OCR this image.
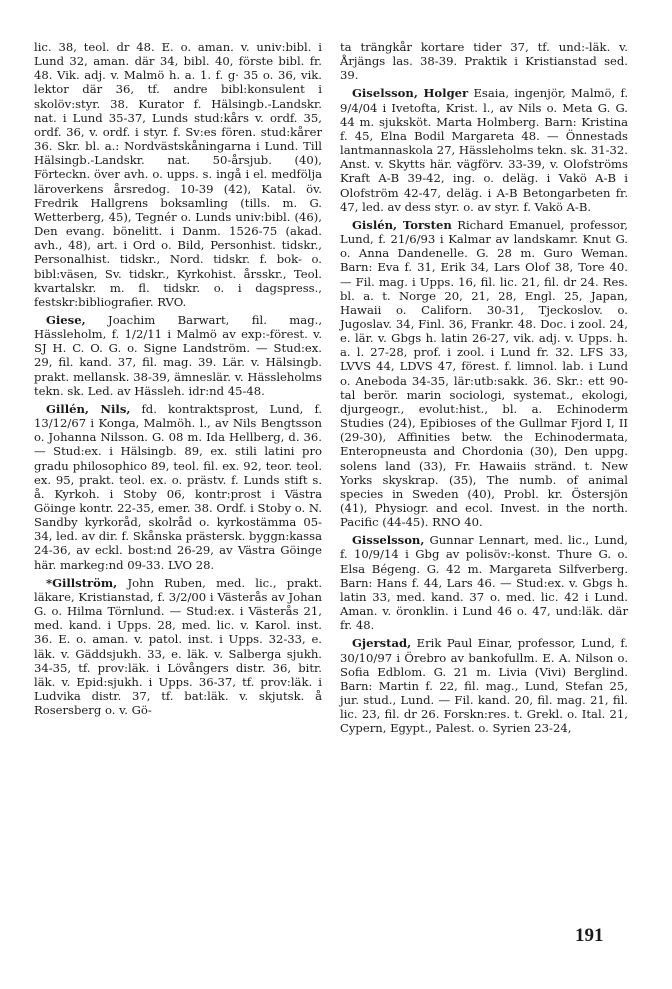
lic. 38, teol. dr 48. E. o. aman. v. univ:bibl. i Lund 32, aman. där 34, bibl. 40, förste bibl. fr. 48. Vik. adj. v. Malmö h. a. 1. f. g· 35 o. 36, vik. lektor där 36, tf. andre bibl:konsulent i skolöv:styr. 38. Kurator f. Hälsingb.-Landskr. nat. i Lund 35-37, Lunds stud:kårs v. ordf. 35, ordf. 36, v. ordf. i styr. f. Sv:es fören. stud:kårer 36. Skr. bl. a.: Nordvästskåningarna i Lund. Till Hälsingb.-Landskr. nat. 50-årsjub. (40), Förteckn. över avh. o. upps. s. ingå i el. medfölja läroverkens årsredog. 10-39 (42), Katal. öv. Fredrik Hallgrens boksamling (tills. m. G. Wetterberg, 45), Tegnér o. Lunds univ:bibl. (46), Den evang. bönelitt. i Danm. 1526-75 (akad. avh., 48), art. i Ord o. Bild, Personhist. tidskr., Personalhist. tidskr., Nord. tidskr. f. bok- o. bibl:väsen, Sv. tidskr., Kyrkohist. årsskr., Teol. kvartalskr. m. fl. tidskr. o. i dagspress., festskr:bibliografier. RVO.

Giese, Joachim Barwart, fil. mag., Hässleholm, f. 1/2/11 i Malmö av exp:-förest. v. SJ H. C. O. G. o. Signe Landström. — Stud:ex. 29, fil. kand. 37, fil. mag. 39. Lär. v. Hälsingb. prakt. mellansk. 38-39, ämneslär. v. Hässleholms tekn. sk. Led. av Hässleh. idr:nd 45-48.

Gillén, Nils, fd. kontraktsprost, Lund, f. 13/12/67 i Konga, Malmöh. l., av Nils Bengtsson o. Johanna Nilsson. G. 08 m. Ida Hellberg, d. 36. — Stud:ex. i Hälsingb. 89, ex. stili latini pro gradu philosophico 89, teol. fil. ex. 92, teor. teol. ex. 95, prakt. teol. ex. o. prästv. f. Lunds stift s. å. Kyrkoh. i Stoby 06, kontr:prost i Västra Göinge kontr. 22-35, emer. 38. Ordf. i Stoby o. N. Sandby kyrkoråd, skolråd o. kyrkostämma 05-34, led. av dir. f. Skånska prästersk. byggn:kassa 24-36, av eckl. bost:nd 26-29, av Västra Göinge här. markeg:nd 09-33. LVO 28.

*Gillström, John Ruben, med. lic., prakt. läkare, Kristianstad, f. 3/2/00 i Västerås av Johan G. o. Hilma Törnlund. — Stud:ex. i Västerås 21, med. kand. i Upps. 28, med. lic. v. Karol. inst. 36. E. o. aman. v. patol. inst. i Upps. 32-33, e. läk. v. Gäddsjukh. 33, e. läk. v. Salberga sjukh. 34-35, tf. prov:läk. i Lövångers distr. 36, bitr. läk. v. Epid:sjukh. i Upps. 36-37, tf. prov:läk. i Ludvika distr. 37, tf. bat:läk. v. skjutsk. å Rosersberg o. v. Gö-

ta trängkår kortare tider 37, tf. und:-läk. v. Årjängs las. 38-39. Praktik i Kristianstad sed. 39.

Giselsson, Holger Esaia, ingenjör, Malmö, f. 9/4/04 i Ivetofta, Krist. l., av Nils o. Meta G. G. 44 m. sjuksköt. Marta Holmberg. Barn: Kristina f. 45, Elna Bodil Margareta 48. — Önnestads lantmannaskola 27, Hässleholms tekn. sk. 31-32. Anst. v. Skytts här. vägförv. 33-39, v. Olofströms Kraft A-B 39-42, ing. o. deläg. i Vakö A-B i Olofström 42-47, deläg. i A-B Betongarbeten fr. 47, led. av dess styr. o. av styr. f. Vakö A-B.

Gislén, Torsten Richard Emanuel, professor, Lund, f. 21/6/93 i Kalmar av landskamr. Knut G. o. Anna Dandenelle. G. 28 m. Guro Weman. Barn: Eva f. 31, Erik 34, Lars Olof 38, Tore 40. — Fil. mag. i Upps. 16, fil. lic. 21, fil. dr 24. Res. bl. a. t. Norge 20, 21, 28, Engl. 25, Japan, Hawaii o. Californ. 30-31, Tjeckoslov. o. Jugoslav. 34, Finl. 36, Frankr. 48. Doc. i zool. 24, e. lär. v. Gbgs h. latin 26-27, vik. adj. v. Upps. h. a. l. 27-28, prof. i zool. i Lund fr. 32. LFS 33, LVVS 44, LDVS 47, förest. f. limnol. lab. i Lund o. Aneboda 34-35, lär:utb:sakk. 36. Skr.: ett 90-tal berör. marin sociologi, systemat., ekologi, djurgeogr., evolut:hist., bl. a. Echinoderm Studies (24), Epibioses of the Gullmar Fjord I, II (29-30), Affinities betw. the Echinodermata, Enteropneusta and Chordonia (30), Den uppg. solens land (33), Fr. Hawaiis stränd. t. New Yorks skyskrap. (35), The numb. of animal species in Sweden (40), Probl. kr. Östersjön (41), Physiogr. and ecol. Invest. in the north. Pacific (44-45). RNO 40.

Gisselsson, Gunnar Lennart, med. lic., Lund, f. 10/9/14 i Gbg av polisöv:-konst. Thure G. o. Elsa Bégeng. G. 42 m. Margareta Silfverberg. Barn: Hans f. 44, Lars 46. — Stud:ex. v. Gbgs h. latin 33, med. kand. 37 o. med. lic. 42 i Lund. Aman. v. öronklin. i Lund 46 o. 47, und:läk. där fr. 48.

Gjerstad, Erik Paul Einar, professor, Lund, f. 30/10/97 i Örebro av bankofullm. E. A. Nilson o. Sofia Edblom. G. 21 m. Livia (Vivi) Berglind. Barn: Martin f. 22, fil. mag., Lund, Stefan 25, jur. stud., Lund. — Fil. kand. 20, fil. mag. 21, fil. lic. 23, fil. dr 26. Forskn:res. t. Grekl. o. Ital. 21, Cypern, Egypt., Palest. o. Syrien 23-24,

191
